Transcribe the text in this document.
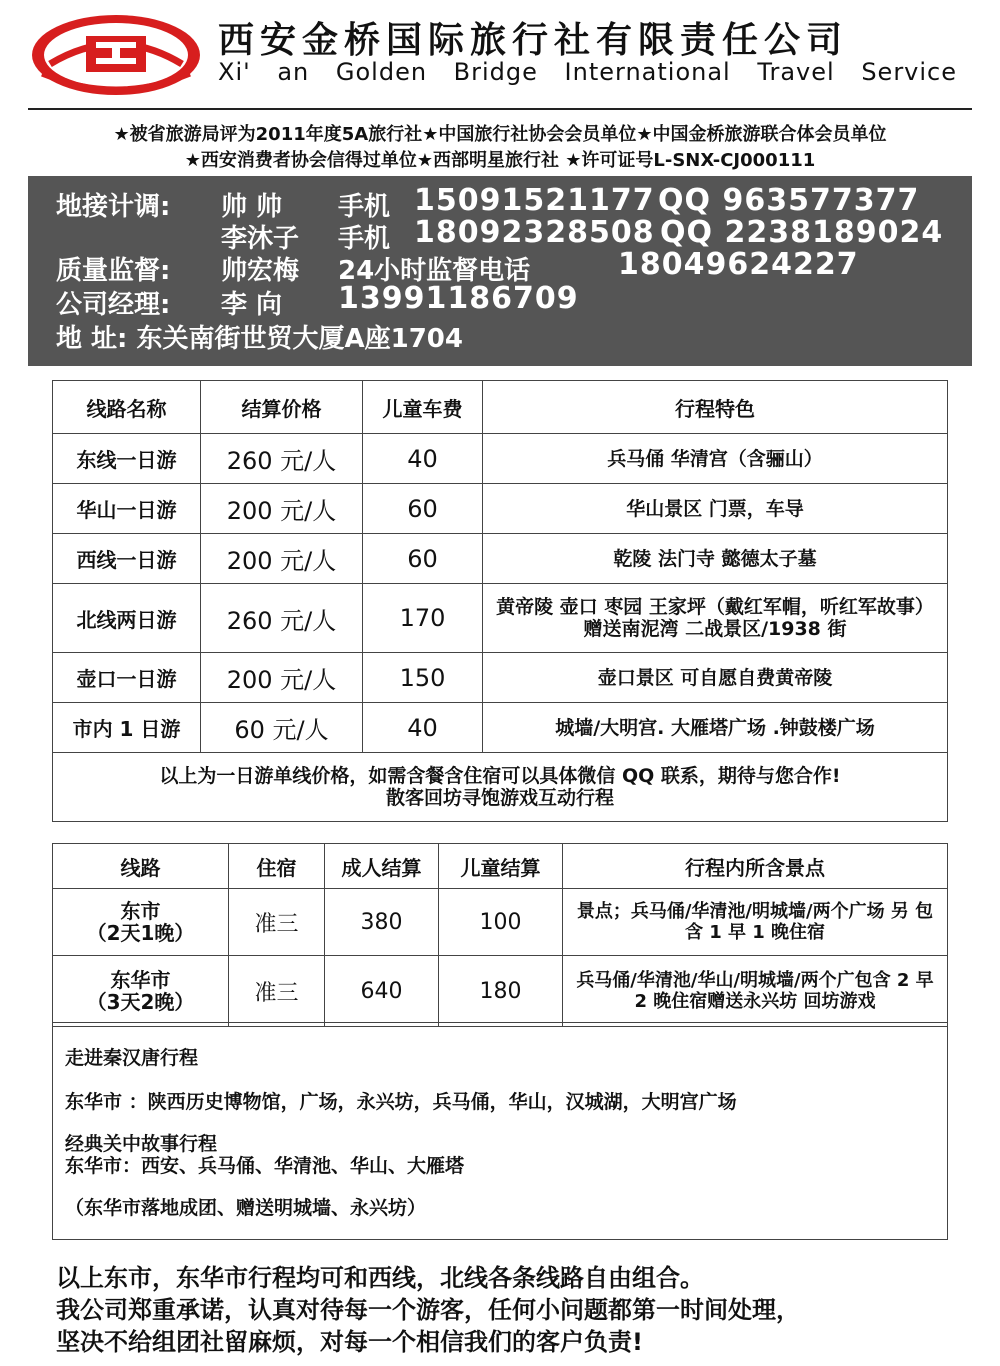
西安金桥国际旅行社有限责任公司
Xi' an Golden Bridge International Travel Service
★被省旅游局评为2011年度5A旅行社★中国旅行社协会会员单位★中国金桥旅游联合体会员单位
★西安消费者协会信得过单位★西部明星旅行社 ★许可证号L-SNX-CJ000111
地接计调: 帅 帅 手机 15091521177 QQ 963577377
李沐子 手机 18092328508 QQ 2238189024
质量监督: 帅宏梅 24小时监督电话	18049624227
公司经理: 李 向 13991186709
地 址: 东关南街世贸大厦A座1704
线路名称	结算价格	儿童车费	行程特色
东线一日游	260 元/人	40	兵马俑 华清宫（含骊山）
华山一日游	200 元/人	60	华山景区 门票，车导
西线一日游	200 元/人	60	乾陵 法门寺 懿德太子墓
北线两日游	260 元/人	170	黄帝陵 壶口 枣园 王家坪（戴红军帽，听红军故事）赠送南泥湾 二战景区/1938 街
壶口一日游	200 元/人	150	壶口景区 可自愿自费黄帝陵
市内 1 日游	60 元/人	40	城墙/大明宫. 大雁塔广场 .钟鼓楼广场

以上为一日游单线价格，如需含餐含住宿可以具体微信 QQ 联系，期待与您合作!
散客回坊寻饱游戏互动行程			
线路	住宿	成人结算	儿童结算	行程内所含景点

东市
（2天1晚）	准三	380	100	景点；兵马俑/华清池/明城墙/两个广场 另 包含 1 早 1 晚住宿

东华市
（3天2晚）	准三	640	180	兵马俑/华清池/华山/明城墙/两个广包含 2 早 2 晚住宿赠送永兴坊 回坊游戏
走进秦汉唐行程
东华市 ：陕西历史博物馆，广场，永兴坊，兵马俑，华山，汉城湖，大明宫广场
经典关中故事行程
东华市：西安、兵马俑、华清池、华山、大雁塔
（东华市落地成团、赠送明城墙、永兴坊）
以上东市，东华市行程均可和西线，北线各条线路自由组合。
我公司郑重承诺，认真对待每一个游客，任何小问题都第一时间处理，
坚决不给组团社留麻烦，对每一个相信我们的客户负责!
